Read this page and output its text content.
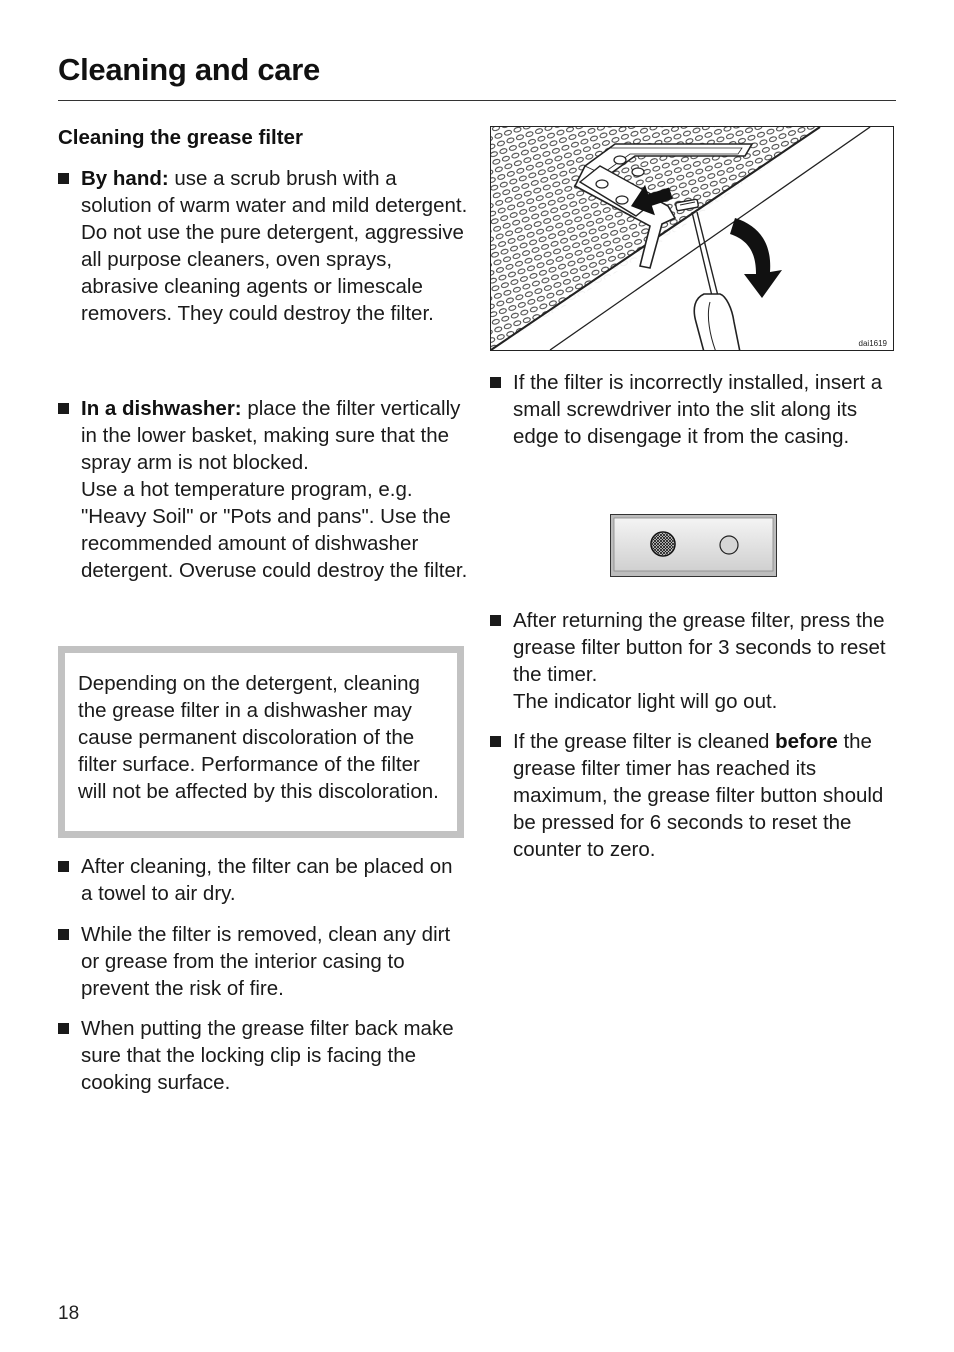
Cleaning and care
Cleaning the grease filter

By hand: use a scrub brush with a solution of warm water and mild detergent.

Do not use the pure detergent, aggressive all purpose cleaners, oven sprays, abrasive cleaning agents or limescale removers. They could destroy the filter.

In a dishwasher: place the filter vertically in the lower basket, making sure that the spray arm is not blocked.

Use a hot temperature program, e.g. "Heavy Soil" or "Pots and pans". Use the recommended amount of dishwasher detergent. Overuse could destroy the filter.

Depending on the detergent, cleaning the grease filter in a dishwasher may cause permanent discoloration of the filter surface. Performance of the filter will not be affected by this discoloration.
After cleaning, the filter can be placed on a towel to air dry.
While the filter is removed, clean any dirt or grease from the interior casing to prevent the risk of fire.
When putting the grease filter back make sure that the locking clip is facing the cooking surface.
dai1619
If the filter is incorrectly installed, insert a small screwdriver into the slit along its edge to disengage it from the casing.

After returning the grease filter, press the grease filter button for 3 seconds to reset the timer.

The indicator light will go out.

If the grease filter is cleaned before the grease filter timer has reached its maximum, the grease filter button should be pressed for 6 seconds to reset the counter to zero.

18
